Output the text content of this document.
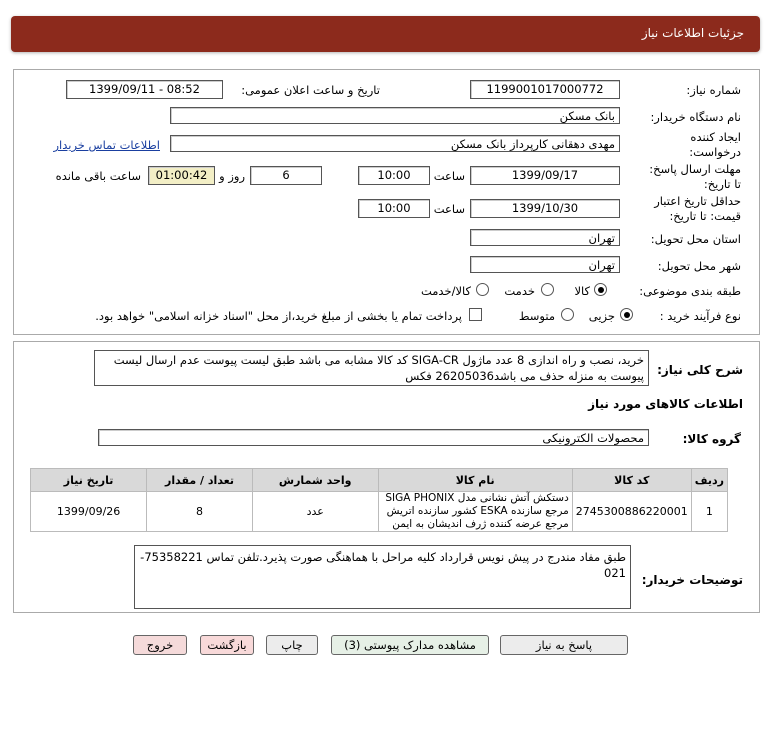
جزئیات اطلاعات نیاز
شماره نیاز:
1199001017000772
تاریخ و ساعت اعلان عمومی:
1399/09/11 - 08:52
نام دستگاه خریدار:
بانک مسکن
ایجاد کننده درخواست:
مهدی دهقانی کارپرداز بانک مسکن
اطلاعات تماس خریدار
مهلت ارسال پاسخ: تا تاریخ:
1399/09/17
ساعت
10:00
6
روز و
01:00:42
ساعت باقی مانده
حداقل تاریخ اعتبار قیمت: تا تاریخ:
1399/10/30
ساعت
10:00
استان محل تحویل:
تهران
شهر محل تحویل:
تهران
طبقه بندی موضوعی:
کالا
خدمت
کالا/خدمت
نوع فرآیند خرید :
جزیی
متوسط
پرداخت تمام یا بخشی از مبلغ خرید،از محل "اسناد خزانه اسلامی" خواهد بود.
شرح کلی نیاز:
خرید، نصب و راه اندازی 8 عدد ماژول SIGA-CR کد کالا مشابه می باشد طبق لیست پیوست عدم ارسال لیست پیوست به منزله حذف می باشد26205036 فکس
اطلاعات کالاهای مورد نیاز
گروه کالا:
محصولات الکترونیکی
ردیف	کد کالا	نام کالا	واحد شمارش	تعداد / مقدار	تاریخ نیاز
1	2745300886220001	دستکش آتش نشانی مدل SIGA PHONIX مرجع سازنده ESKA کشور سازنده اتریش مرجع عرضه کننده ژرف اندیشان به ایمن	عدد	8	1399/09/26
توضیحات خریدار:
طبق مفاد مندرج در پیش نویس قرارداد کلیه مراحل با هماهنگی صورت پذیرد.تلفن تماس 75358221-021
پاسخ به نیاز
مشاهده مدارک پیوستی (3)
چاپ
بازگشت
خروج
